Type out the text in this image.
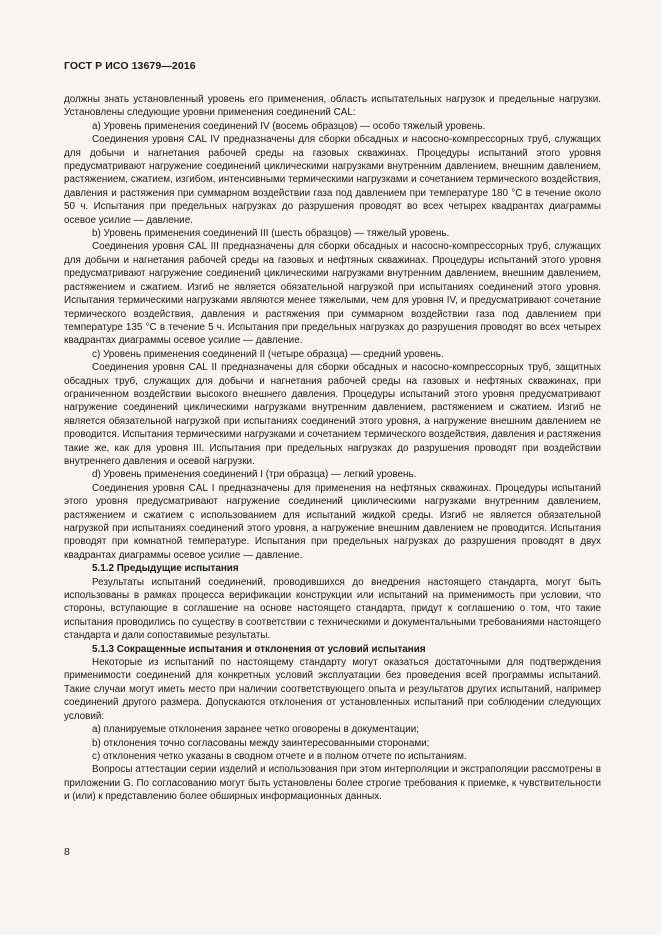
ГОСТ Р ИСО 13679—2016

должны знать установленный уровень его применения, область испытательных нагрузок и предельные нагрузки. Установлены следующие уровни применения соединений CAL:

а) Уровень применения соединений IV (восемь образцов) — особо тяжелый уровень.

Соединения уровня CAL IV предназначены для сборки обсадных и насосно-компрессорных труб, служащих для добычи и нагнетания рабочей среды на газовых скважинах. Процедуры испытаний этого уровня предусматривают нагружение соединений циклическими нагрузками внутренним давлением, внешним давлением, растяжением, сжатием, изгибом, интенсивными термическими нагрузками и сочетанием термического воздействия, давления и растяжения при суммарном воздействии газа под давлением при температуре 180 °С в течение около 50 ч. Испытания при предельных нагрузках до разрушения проводят во всех четырех квадрантах диаграммы осевое усилие — давление.

b) Уровень применения соединений III (шесть образцов) — тяжелый уровень.

Соединения уровня CAL III предназначены для сборки обсадных и насосно-компрессорных труб, служащих для добычи и нагнетания рабочей среды на газовых и нефтяных скважинах. Процедуры испытаний этого уровня предусматривают нагружение соединений циклическими нагрузками внутренним давлением, внешним давлением, растяжением и сжатием. Изгиб не является обязательной нагрузкой при испытаниях соединений этого уровня. Испытания термическими нагрузками являются менее тяжелыми, чем для уровня IV, и предусматривают сочетание термического воздействия, давления и растяжения при суммарном воздействии газа под давлением при температуре 135 °С в течение 5 ч. Испытания при предельных нагрузках до разрушения проводят во всех четырех квадрантах диаграммы осевое усилие — давление.

с) Уровень применения соединений II (четыре образца) — средний уровень.

Соединения уровня CAL II предназначены для сборки обсадных и насосно-компрессорных труб, защитных обсадных труб, служащих для добычи и нагнетания рабочей среды на газовых и нефтяных скважинах, при ограниченном воздействии высокого внешнего давления. Процедуры испытаний этого уровня предусматривают нагружение соединений циклическими нагрузками внутренним давлением, растяжением и сжатием. Изгиб не является обязательной нагрузкой при испытаниях соединений этого уровня, а нагружение внешним давлением не проводится. Испытания термическими нагрузками и сочетанием термического воздействия, давления и растяжения такие же, как для уровня III. Испытания при предельных нагрузках до разрушения проводят при воздействии внутреннего давления и осевой нагрузки.

d) Уровень применения соединений I (три образца) — легкий уровень.

Соединения уровня CAL I предназначены для применения на нефтяных скважинах. Процедуры испытаний этого уровня предусматривают нагружение соединений циклическими нагрузками внутренним давлением, растяжением и сжатием с использованием для испытаний жидкой среды. Изгиб не является обязательной нагрузкой при испытаниях соединений этого уровня, а нагружение внешним давлением не проводится. Испытания проводят при комнатной температуре. Испытания при предельных нагрузках до разрушения проводят в двух квадрантах диаграммы осевое усилие — давление.

5.1.2 Предыдущие испытания

Результаты испытаний соединений, проводившихся до внедрения настоящего стандарта, могут быть использованы в рамках процесса верификации конструкции или испытаний на применимость при условии, что стороны, вступающие в соглашение на основе настоящего стандарта, придут к соглашению о том, что такие испытания проводились по существу в соответствии с техническими и документальными требованиями настоящего стандарта и дали сопоставимые результаты.

5.1.3 Сокращенные испытания и отклонения от условий испытания

Некоторые из испытаний по настоящему стандарту могут оказаться достаточными для подтверждения применимости соединений для конкретных условий эксплуатации без проведения всей программы испытаний. Такие случаи могут иметь место при наличии соответствующего опыта и результатов других испытаний, например соединений другого размера. Допускаются отклонения от установленных испытаний при соблюдении следующих условий:

а) планируемые отклонения заранее четко оговорены в документации;

b) отклонения точно согласованы между заинтересованными сторонами;

с) отклонения четко указаны в сводном отчете и в полном отчете по испытаниям.

Вопросы аттестации серии изделий и использования при этом интерполяции и экстраполяции рассмотрены в приложении G. По согласованию могут быть установлены более строгие требования к приемке, к чувствительности и (или) к представлению более обширных информационных данных.

8
